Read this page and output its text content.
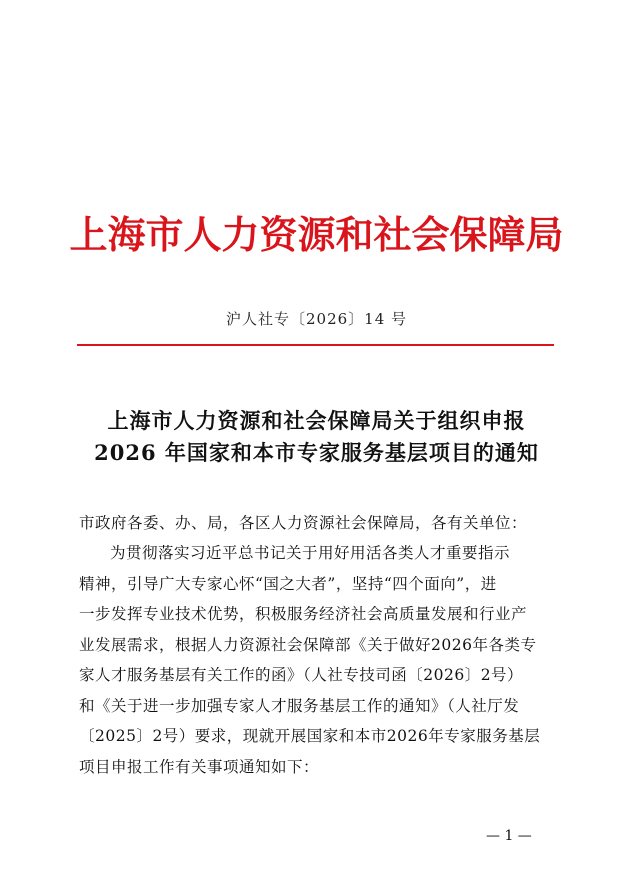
上海市人力资源和社会保障局
沪人社专〔2026〕14 号
上海市人力资源和社会保障局关于组织申报
2026 年国家和本市专家服务基层项目的通知
市政府各委、办、局，各区人力资源社会保障局，各有关单位：
为贯彻落实习近平总书记关于用好用活各类人才重要指示
精神，引导广大专家心怀“国之大者”，坚持“四个面向”，进
一步发挥专业技术优势，积极服务经济社会高质量发展和行业产
业发展需求，根据人力资源社会保障部《关于做好2026年各类专
家人才服务基层有关工作的函》（人社专技司函〔2026〕2号）
和《关于进一步加强专家人才服务基层工作的通知》（人社厅发
〔2025〕2号）要求，现就开展国家和本市2026年专家服务基层
项目申报工作有关事项通知如下：
— 1 —
